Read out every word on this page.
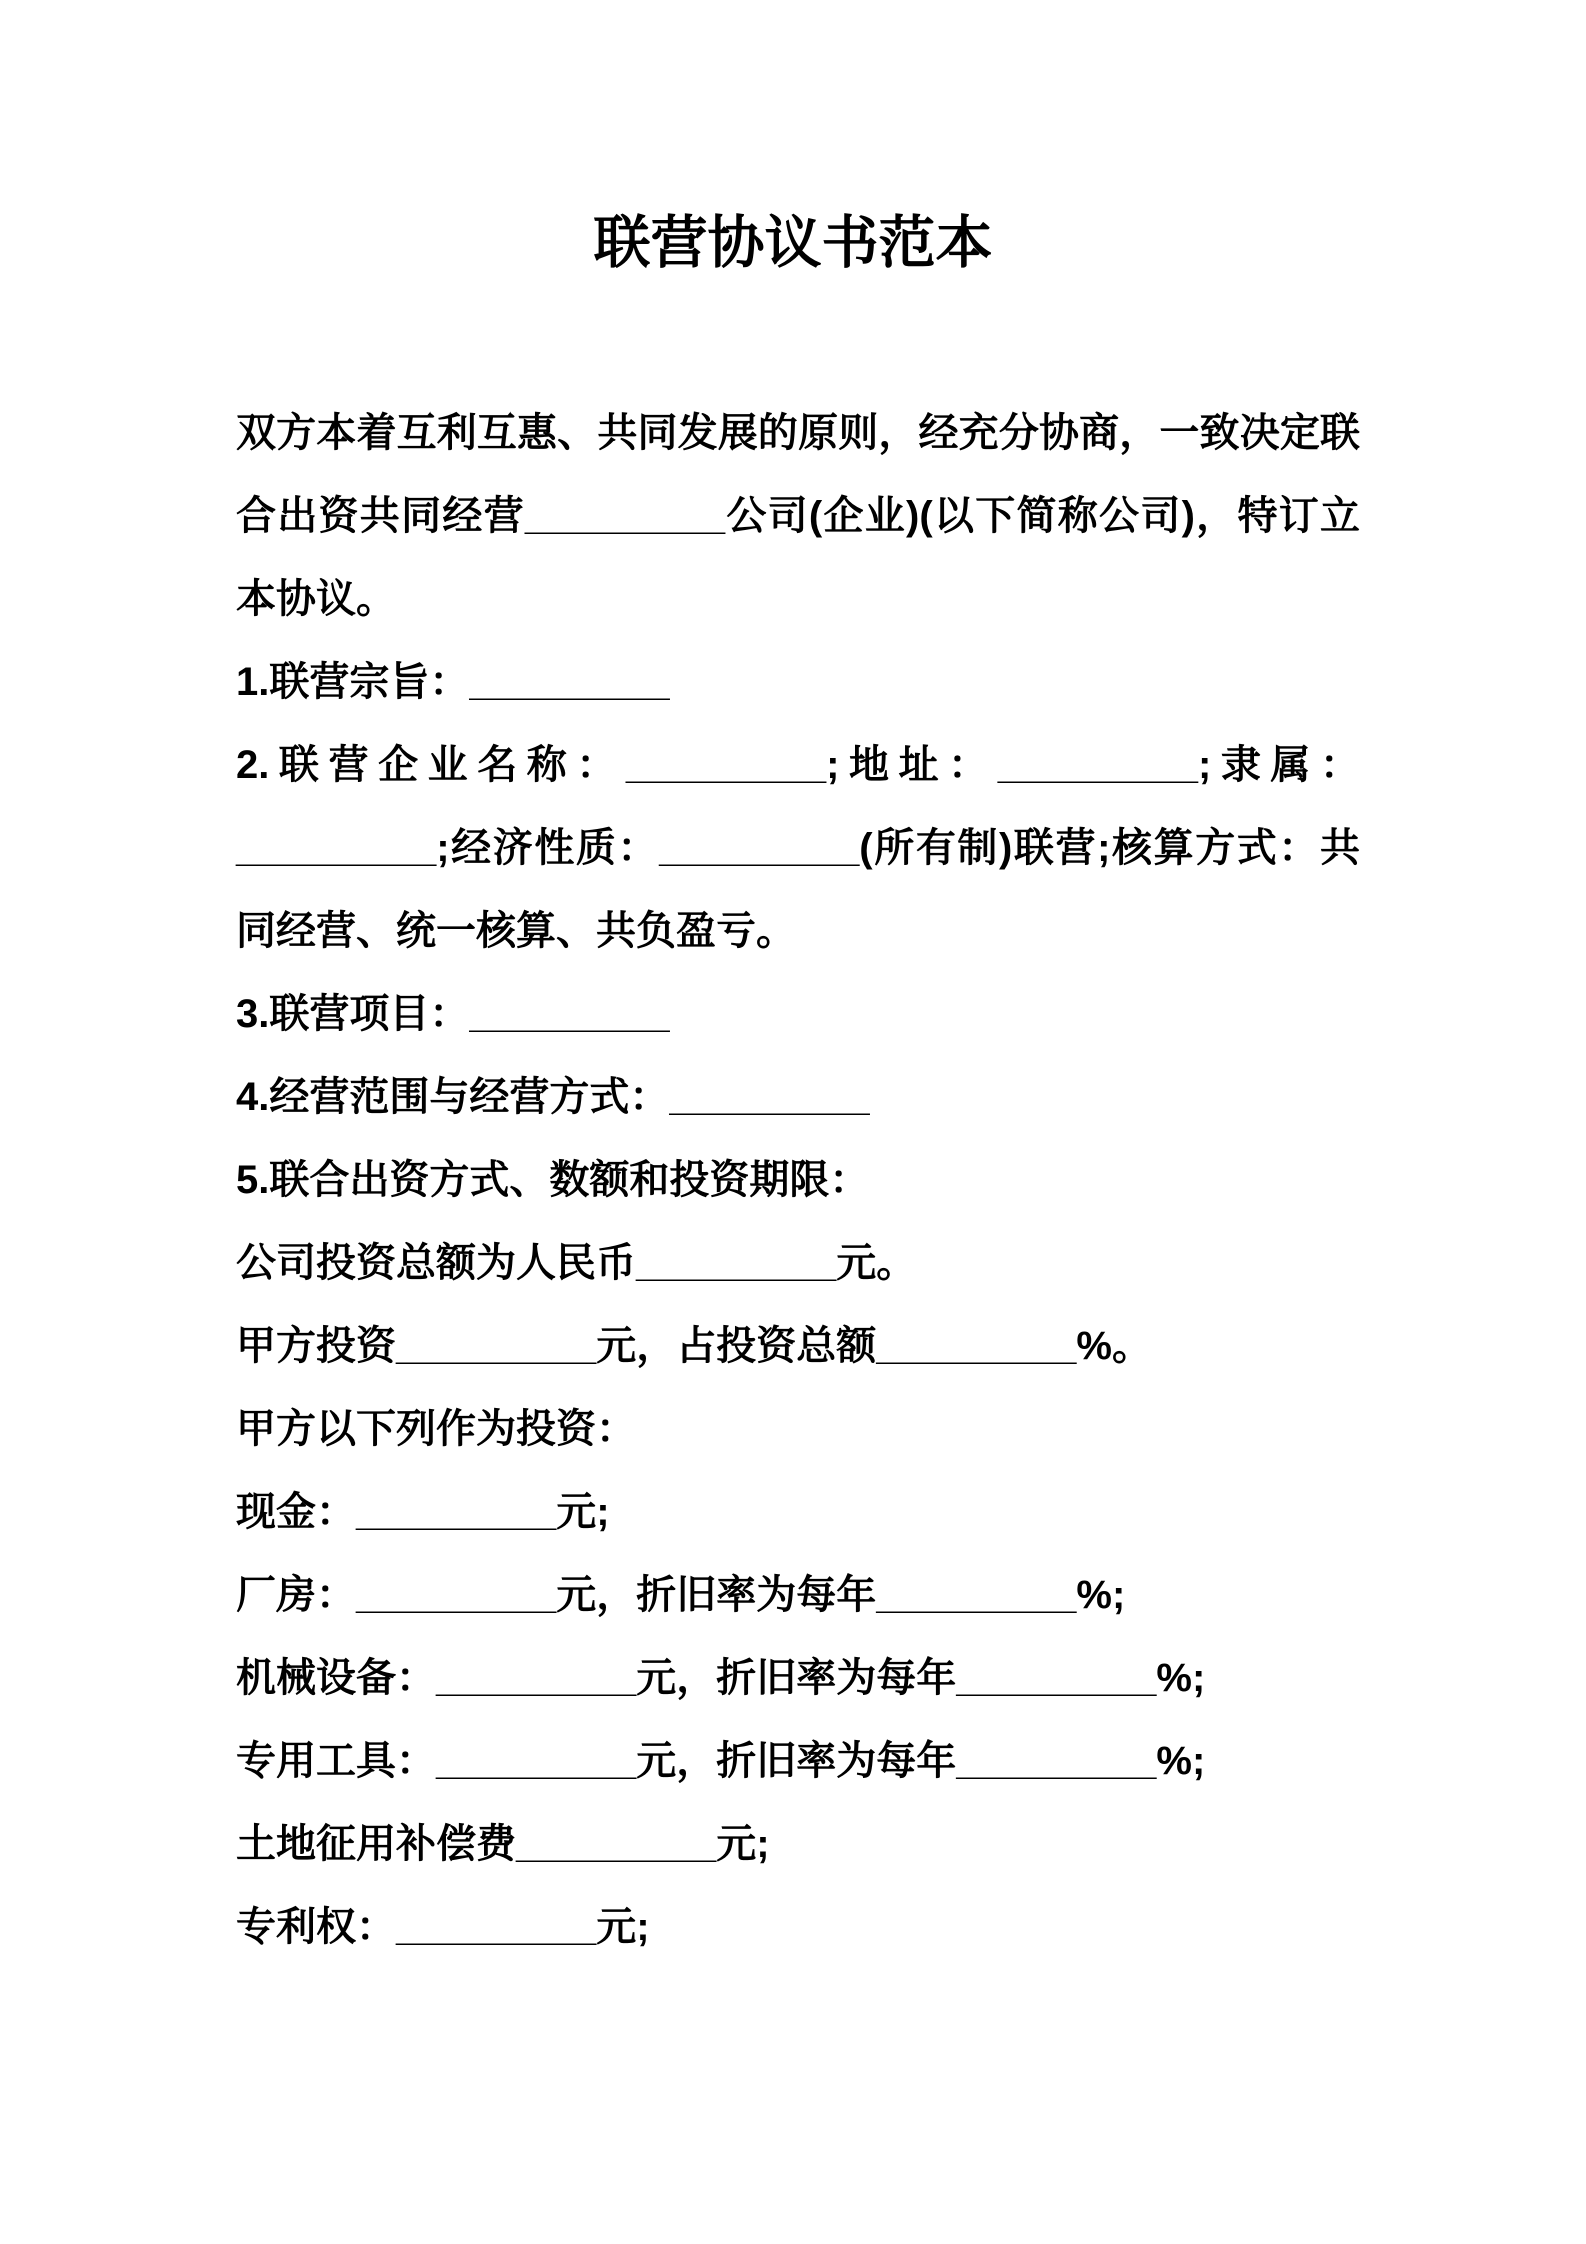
联营协议书范本

双方本着互利互惠、共同发展的原则，经充分协商，一致决定联合出资共同经营_________公司(企业)(以下简称公司)，特订立本协议。

1.联营宗旨：_________

2.联营企业名称：_________;地址：_________;隶属：_________;经济性质：_________(所有制)联营;核算方式：共同经营、统一核算、共负盈亏。

3.联营项目：_________

4.经营范围与经营方式：_________

5.联合出资方式、数额和投资期限：

公司投资总额为人民币_________元。

甲方投资_________元，占投资总额_________%。

甲方以下列作为投资：

现金：_________元;

厂房：_________元，折旧率为每年_________%;

机械设备：_________元，折旧率为每年_________%;

专用工具：_________元，折旧率为每年_________%;

土地征用补偿费_________元;

专利权：_________元;
